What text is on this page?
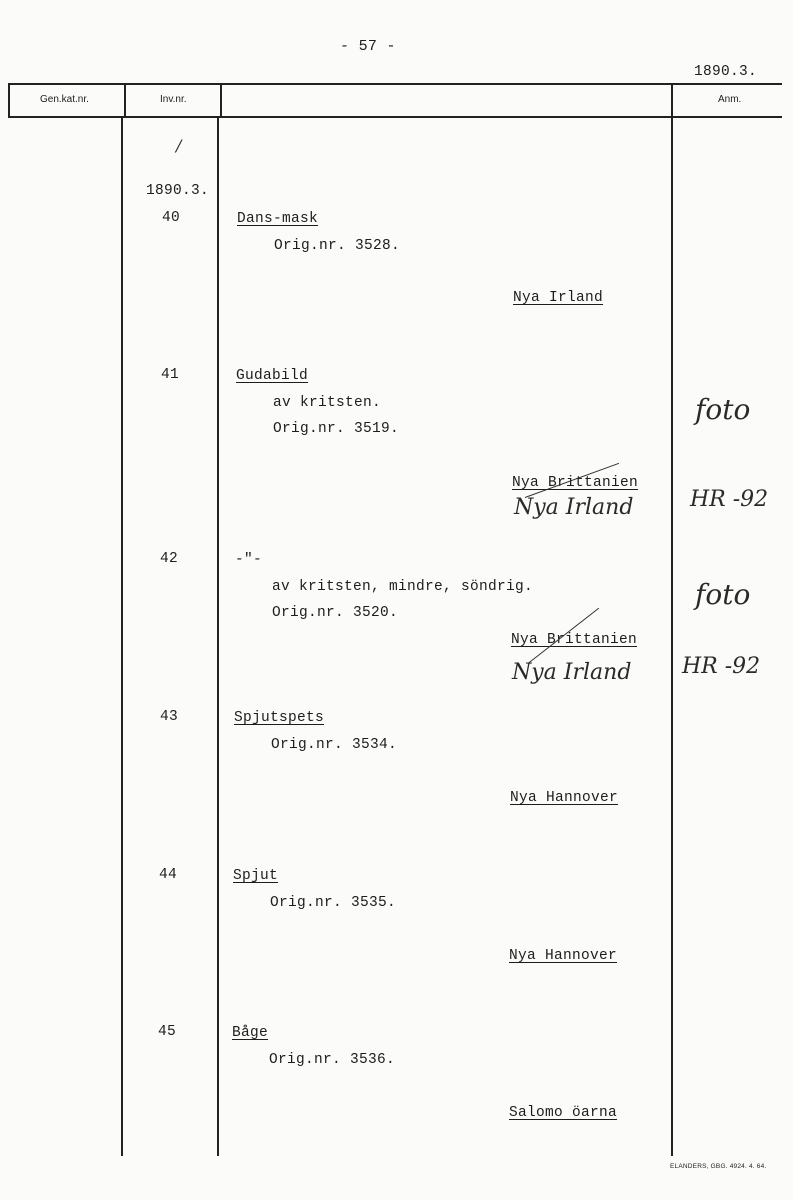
- 57 -
1890.3.
Gen.kat.nr.	Inv.nr.	Anm.
/
1890.3.
40	Dans-mask
Orig.nr. 3528.
Nya Irland
41	Gudabild
av kritsten.
Orig.nr. 3519.
Nya Brittanien
Nya Irland
foto
HR -92
42	-"-
av kritsten, mindre, söndrig.
Orig.nr. 3520.
Nya Brittanien
Nya Irland
foto
HR -92
43	Spjutspets
Orig.nr. 3534.
Nya Hannover
44	Spjut
Orig.nr. 3535.
Nya Hannover
45	Båge
Orig.nr. 3536.
Salomo öarna
ELANDERS, GBG. 4924. 4. 64.
